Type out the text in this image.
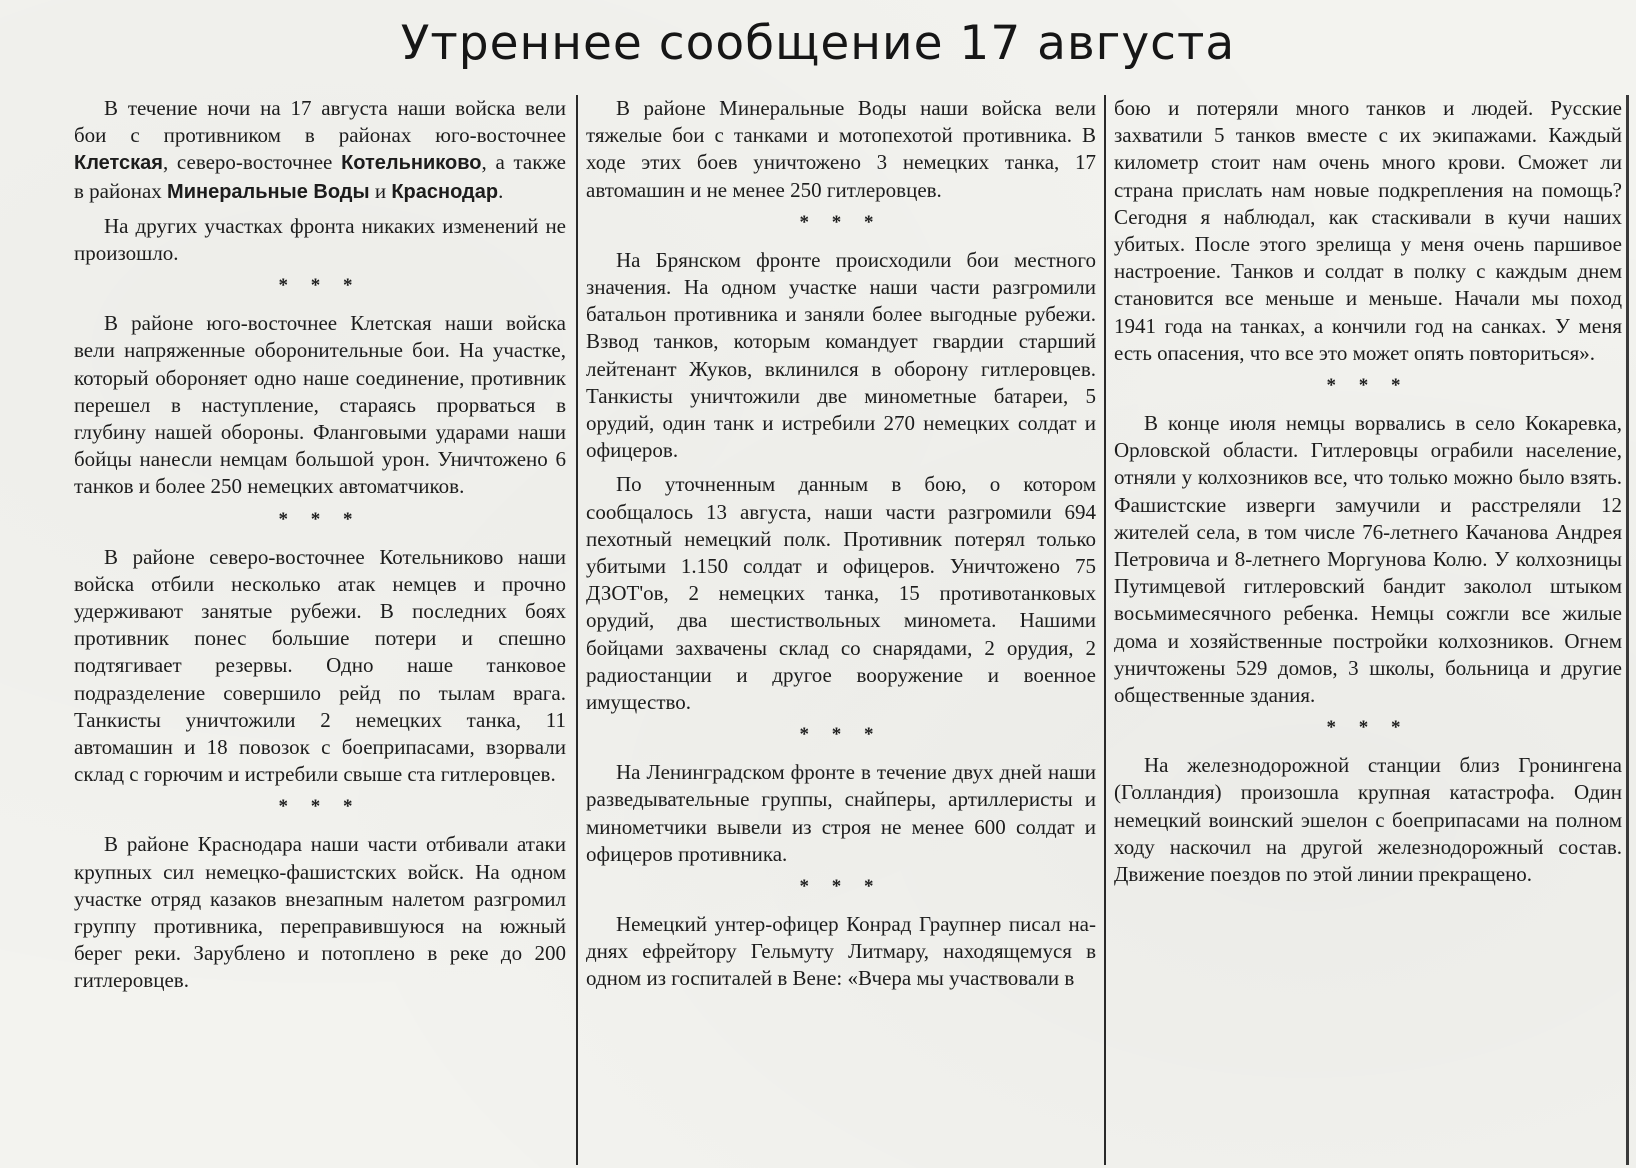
Утреннее сообщение 17 августа

В течение ночи на 17 августа наши войска вели бои с противником в районах юго-восточнее Клетская, северо-восточнее Котельниково, а также в районах Минеральные Воды и Краснодар.

На других участках фронта никаких изменений не произошло.

* * *

В районе юго-восточнее Клетская наши войска вели напряженные оборонительные бои. На участке, который обороняет одно наше соединение, противник перешел в наступление, стараясь прорваться в глубину нашей обороны. Фланговыми ударами наши бойцы нанесли немцам большой урон. Уничтожено 6 танков и более 250 немецких автоматчиков.

* * *

В районе северо-восточнее Котельниково наши войска отбили несколько атак немцев и прочно удерживают занятые рубежи. В последних боях противник понес большие потери и спешно подтягивает резервы. Одно наше танковое подразделение совершило рейд по тылам врага. Танкисты уничтожили 2 немецких танка, 11 автомашин и 18 повозок с боеприпасами, взорвали склад с горючим и истребили свыше ста гитлеровцев.

* * *

В районе Краснодара наши части отбивали атаки крупных сил немецко-фашистских войск. На одном участке отряд казаков внезапным налетом разгромил группу противника, переправившуюся на южный берег реки. Зарублено и потоплено в реке до 200 гитлеровцев.

В районе Минеральные Воды наши войска вели тяжелые бои с танками и мотопехотой противника. В ходе этих боев уничтожено 3 немецких танка, 17 автомашин и не менее 250 гитлеровцев.

* * *

На Брянском фронте происходили бои местного значения. На одном участке наши части разгромили батальон противника и заняли более выгодные рубежи. Взвод танков, которым командует гвардии старший лейтенант Жуков, вклинился в оборону гитлеровцев. Танкисты уничтожили две минометные батареи, 5 орудий, один танк и истребили 270 немецких солдат и офицеров.

По уточненным данным в бою, о котором сообщалось 13 августа, наши части разгромили 694 пехотный немецкий полк. Противник потерял только убитыми 1.150 солдат и офицеров. Уничтожено 75 ДЗОТ'ов, 2 немецких танка, 15 противотанковых орудий, два шестиствольных миномета. Нашими бойцами захвачены склад со снарядами, 2 орудия, 2 радиостанции и другое вооружение и военное имущество.

* * *

На Ленинградском фронте в течение двух дней наши разведывательные группы, снайперы, артиллеристы и минометчики вывели из строя не менее 600 солдат и офицеров противника.

* * *

Немецкий унтер-офицер Конрад Граупнер писал на-днях ефрейтору Гельмуту Литмару, находящемуся в одном из госпиталей в Вене: «Вчера мы участвовали в

бою и потеряли много танков и людей. Русские захватили 5 танков вместе с их экипажами. Каждый километр стоит нам очень много крови. Сможет ли страна прислать нам новые подкрепления на помощь? Сегодня я наблюдал, как стаскивали в кучи наших убитых. После этого зрелища у меня очень паршивое настроение. Танков и солдат в полку с каждым днем становится все меньше и меньше. Начали мы поход 1941 года на танках, а кончили год на санках. У меня есть опасения, что все это может опять повториться».

* * *

В конце июля немцы ворвались в село Кокаревка, Орловской области. Гитлеровцы ограбили население, отняли у колхозников все, что только можно было взять. Фашистские изверги замучили и расстреляли 12 жителей села, в том числе 76-летнего Качанова Андрея Петровича и 8-летнего Моргунова Колю. У колхозницы Путимцевой гитлеровский бандит заколол штыком восьмимесячного ребенка. Немцы сожгли все жилые дома и хозяйственные постройки колхозников. Огнем уничтожены 529 домов, 3 школы, больница и другие общественные здания.

* * *

На железнодорожной станции близ Гронингена (Голландия) произошла крупная катастрофа. Один немецкий воинский эшелон с боеприпасами на полном ходу наскочил на другой железнодорожный состав. Движение поездов по этой линии прекращено.
